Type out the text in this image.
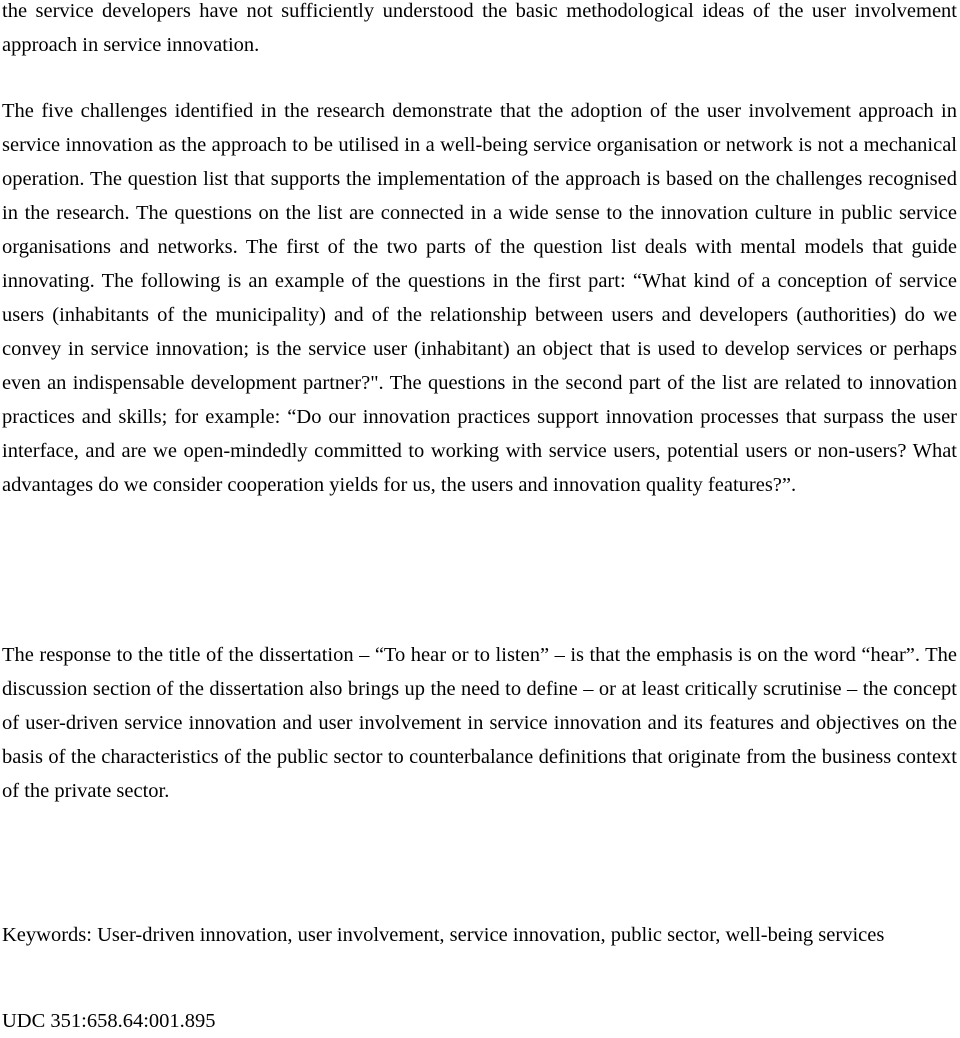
the service developers have not sufficiently understood the basic methodological ideas of the user involvement approach in service innovation.

The five challenges identified in the research demonstrate that the adoption of the user involvement approach in service innovation as the approach to be utilised in a well-being service organisation or network is not a mechanical operation. The question list that supports the implementation of the approach is based on the challenges recognised in the research. The questions on the list are connected in a wide sense to the innovation culture in public service organisations and networks. The first of the two parts of the question list deals with mental models that guide innovating. The following is an example of the questions in the first part: “What kind of a conception of service users (inhabitants of the municipality) and of the relationship between users and developers (authorities) do we convey in service innovation; is the service user (inhabitant) an object that is used to develop services or perhaps even an indispensable development partner?". The questions in the second part of the list are related to innovation practices and skills; for example: “Do our innovation practices support innovation processes that surpass the user interface, and are we open-mindedly committed to working with service users, potential users or non-users? What advantages do we consider cooperation yields for us, the users and innovation quality features?”.

The response to the title of the dissertation – “To hear or to listen” – is that the emphasis is on the word “hear”. The discussion section of the dissertation also brings up the need to define – or at least critically scrutinise – the concept of user-driven service innovation and user involvement in service innovation and its features and objectives on the basis of the characteristics of the public sector to counterbalance definitions that originate from the business context of the private sector.

Keywords: User-driven innovation, user involvement, service innovation, public sector, well-being services

UDC 351:658.64:001.895
